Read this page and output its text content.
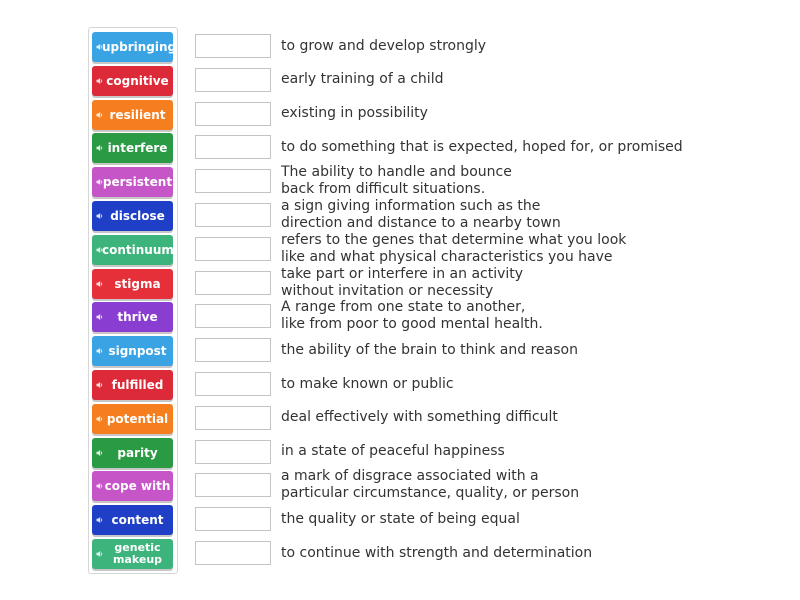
upbringing
cognitive
resilient
interfere
persistent
disclose
continuum
stigma
thrive
signpost
fulfilled
potential
parity
cope with
content
genetic makeup
to grow and develop strongly
early training of a child
existing in possibility
to do something that is expected, hoped for, or promised
The ability to handle and bounce
back from difficult situations.
a sign giving information such as the
direction and distance to a nearby town
refers to the genes that determine what you look
like and what physical characteristics you have
take part or interfere in an activity
without invitation or necessity
A range from one state to another,
like from poor to good mental health.
the ability of the brain to think and reason
to make known or public
deal effectively with something difficult
in a state of peaceful happiness
a mark of disgrace associated with a
particular circumstance, quality, or person
the quality or state of being equal
to continue with strength and determination
